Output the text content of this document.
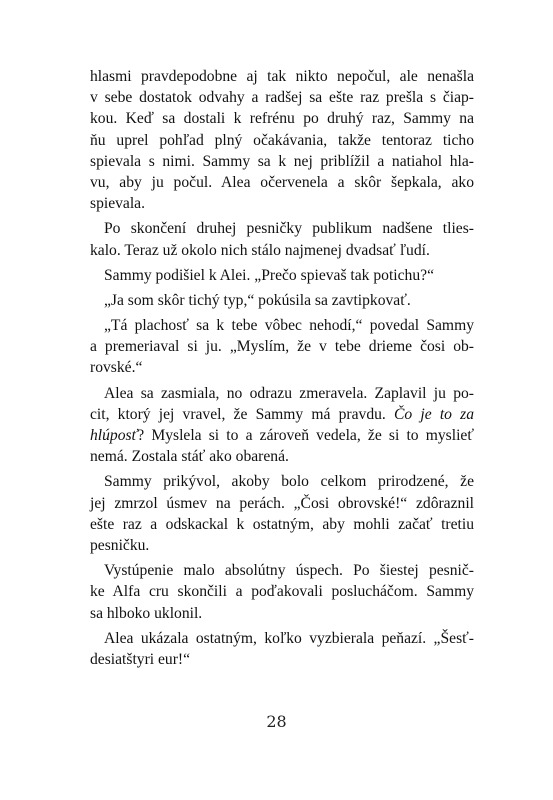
hlasmi pravdepodobne aj tak nikto nepočul, ale nenašla
v sebe dostatok odvahy a radšej sa ešte raz prešla s čiap-
kou. Keď sa dostali k refrénu po druhý raz, Sammy na
ňu uprel pohľad plný očakávania, takže tentoraz ticho
spievala s nimi. Sammy sa k nej priblížil a natiahol hla-
vu, aby ju počul. Alea očervenela a skôr šepkala, ako
spievala.
Po skončení druhej pesničky publikum nadšene tlies-
kalo. Teraz už okolo nich stálo najmenej dvadsať ľudí.
Sammy podišiel k Alei. „Prečo spievaš tak potichu?“
„Ja som skôr tichý typ,“ pokúsila sa zavtipkovať.
„Tá plachosť sa k tebe vôbec nehodí,“ povedal Sammy
a premeriaval si ju. „Myslím, že v tebe drieme čosi ob-
rovské.“
Alea sa zasmiala, no odrazu zmeravela. Zaplavil ju po-
cit, ktorý jej vravel, že Sammy má pravdu. Čo je to za
hlúposť? Myslela si to a zároveň vedela, že si to myslieť
nemá. Zostala stáť ako obarená.
Sammy prikývol, akoby bolo celkom prirodzené, že
jej zmrzol úsmev na perách. „Čosi obrovské!“ zdôraznil
ešte raz a odskackal k ostatným, aby mohli začať tretiu
pesničku.
Vystúpenie malo absolútny úspech. Po šiestej pesnič-
ke Alfa cru skončili a poďakovali poslucháčom. Sammy
sa hlboko uklonil.
Alea ukázala ostatným, koľko vyzbierala peňazí. „Šesť-
desiatštyri eur!“
28
